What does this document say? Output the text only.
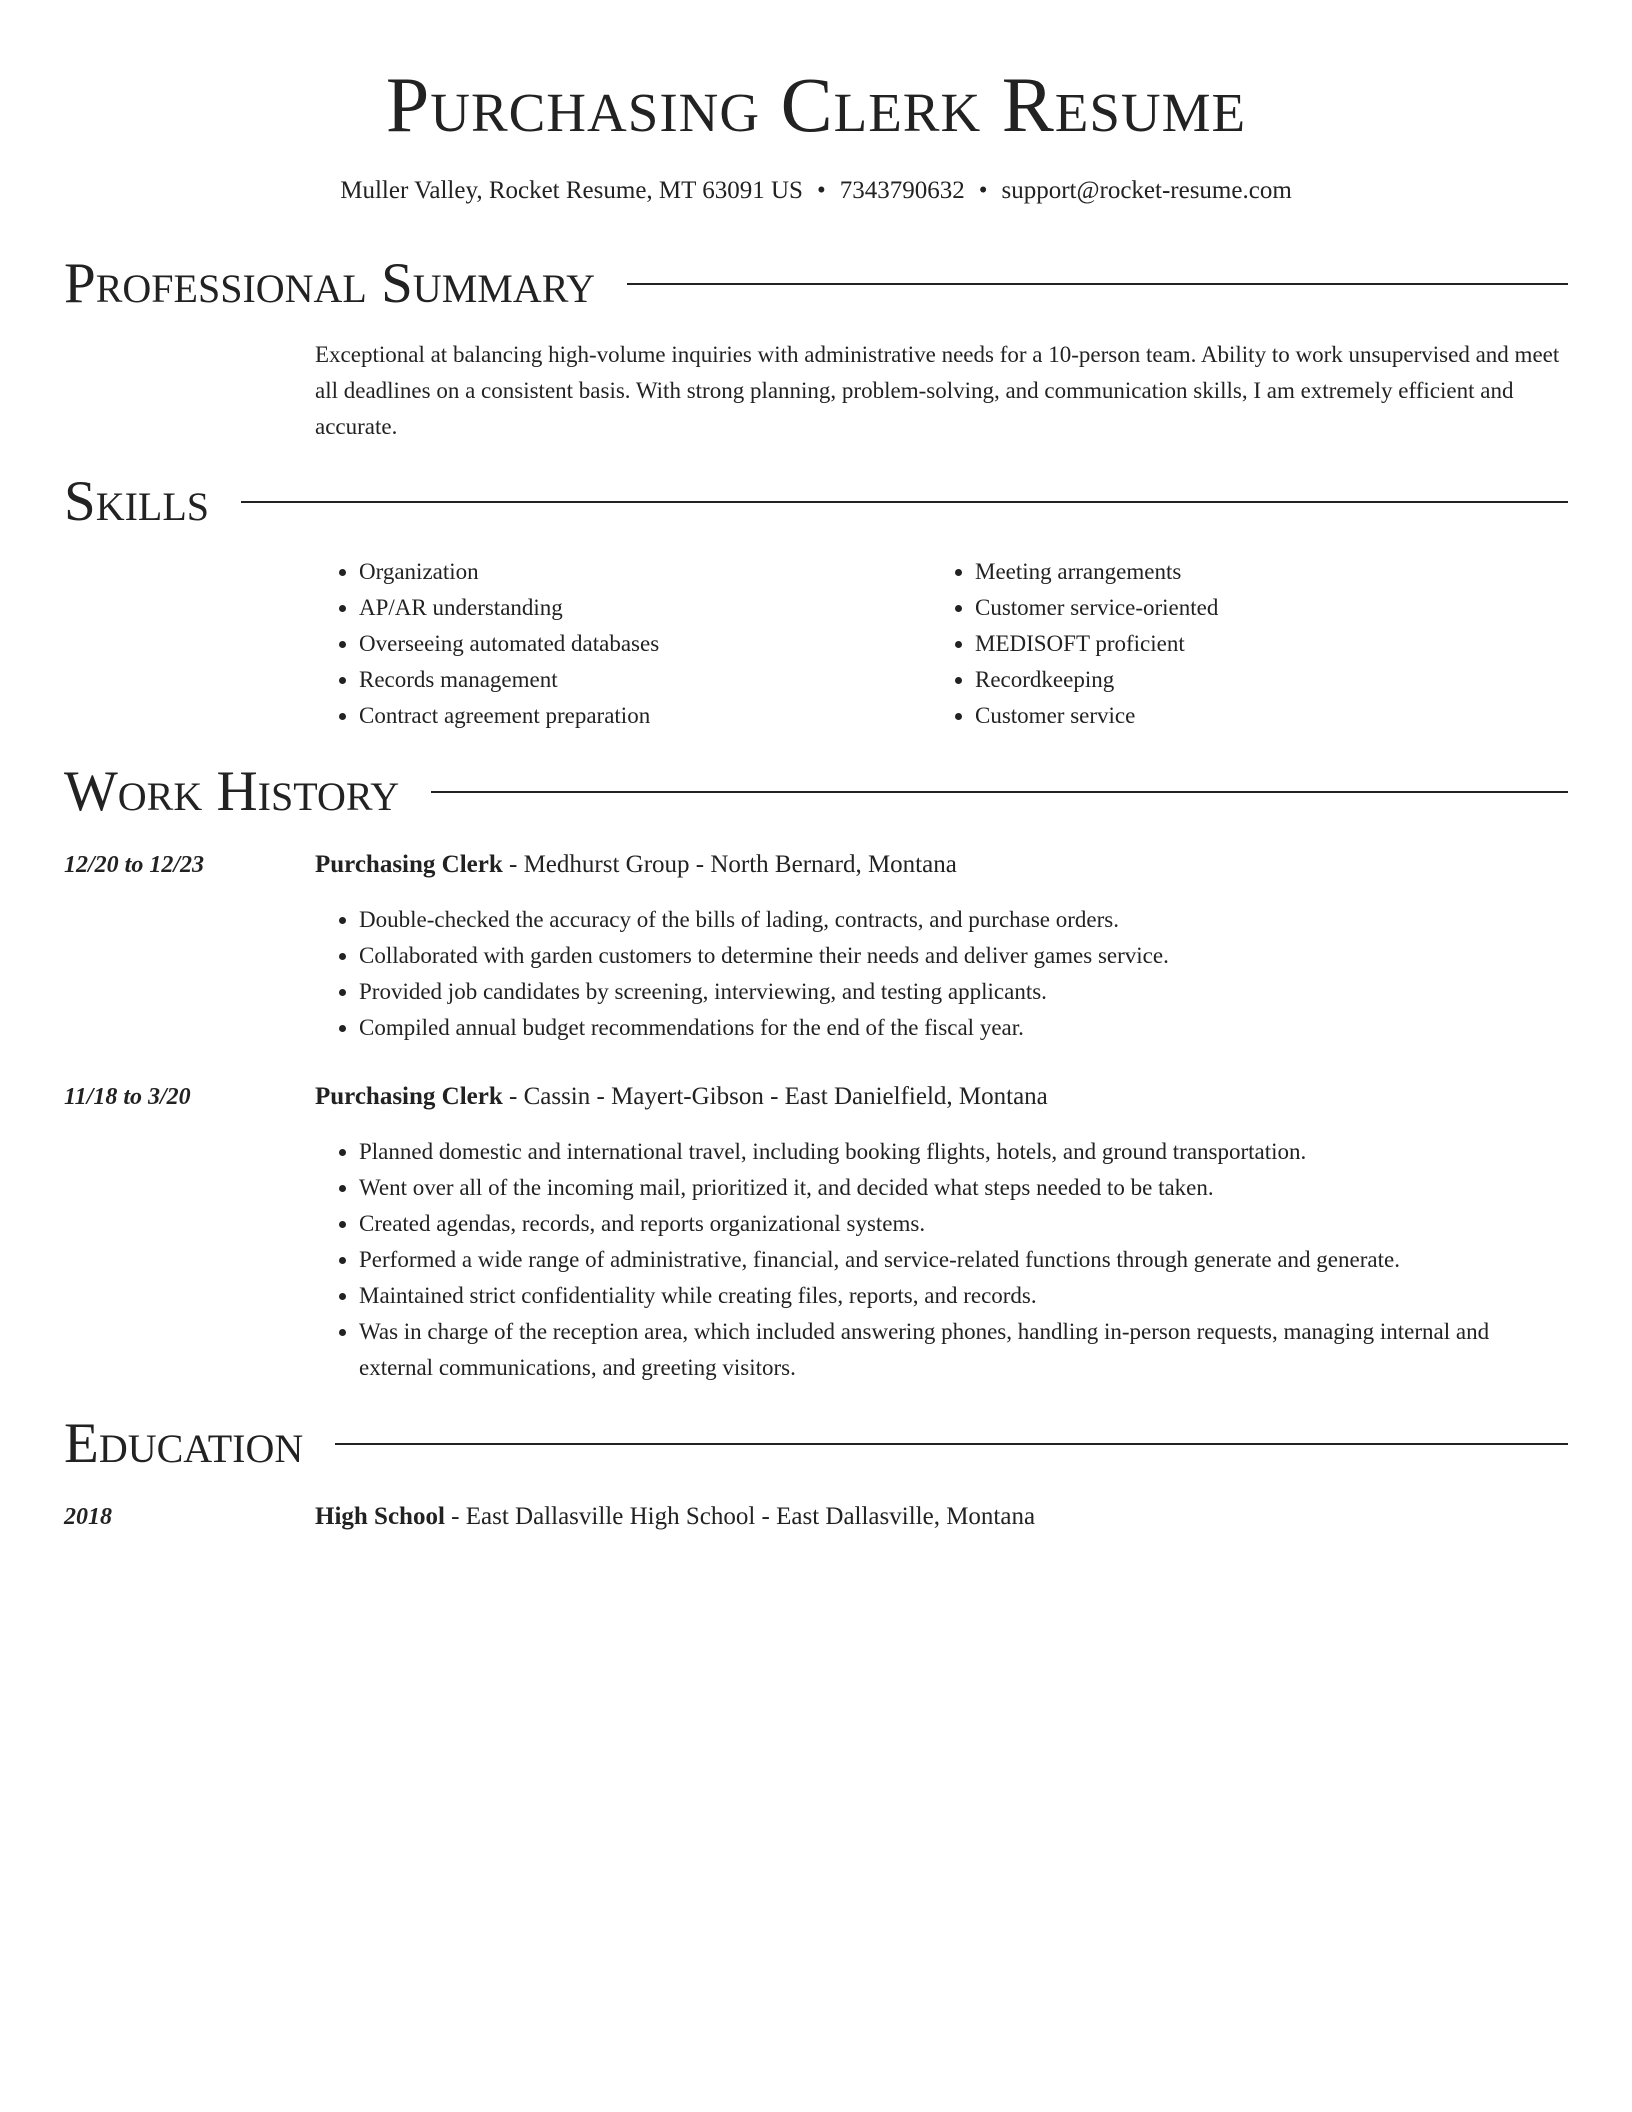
Purchasing Clerk Resume
Muller Valley, Rocket Resume, MT 63091 US • 7343790632 • support@rocket-resume.com
Professional Summary
Exceptional at balancing high-volume inquiries with administrative needs for a 10-person team. Ability to work unsupervised and meet all deadlines on a consistent basis. With strong planning, problem-solving, and communication skills, I am extremely efficient and accurate.
Skills
• Organization
• AP/AR understanding
• Overseeing automated databases
• Records management
• Contract agreement preparation
• Meeting arrangements
• Customer service-oriented
• MEDISOFT proficient
• Recordkeeping
• Customer service
Work History
12/20 to 12/23	Purchasing Clerk - Medhurst Group - North Bernard, Montana
• Double-checked the accuracy of the bills of lading, contracts, and purchase orders.
• Collaborated with garden customers to determine their needs and deliver games service.
• Provided job candidates by screening, interviewing, and testing applicants.
• Compiled annual budget recommendations for the end of the fiscal year.
11/18 to 3/20	Purchasing Clerk - Cassin - Mayert-Gibson - East Danielfield, Montana
• Planned domestic and international travel, including booking flights, hotels, and ground transportation.
• Went over all of the incoming mail, prioritized it, and decided what steps needed to be taken.
• Created agendas, records, and reports organizational systems.
• Performed a wide range of administrative, financial, and service-related functions through generate and generate.
• Maintained strict confidentiality while creating files, reports, and records.
• Was in charge of the reception area, which included answering phones, handling in-person requests, managing internal and external communications, and greeting visitors.
Education
2018	High School - East Dallasville High School - East Dallasville, Montana
